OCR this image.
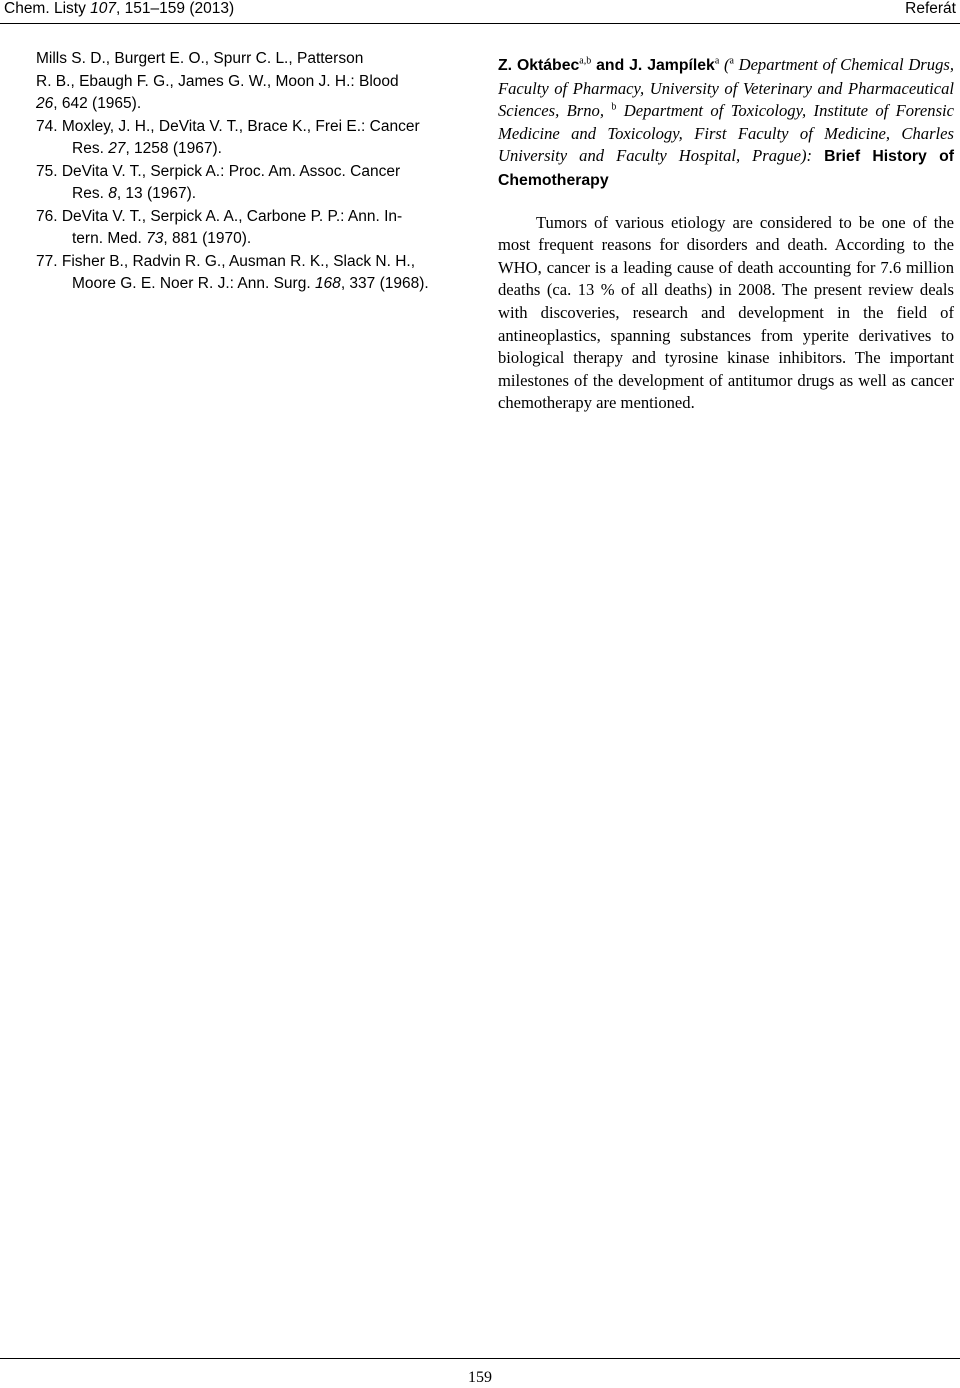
Chem. Listy 107, 151–159 (2013)	Referát
Mills S. D., Burgert E. O., Spurr C. L., Patterson
R. B., Ebaugh F. G., James G. W., Moon J. H.: Blood
26, 642 (1965).
74. Moxley, J. H., DeVita V. T., Brace K., Frei E.: Cancer
Res. 27, 1258 (1967).
75. DeVita V. T., Serpick A.: Proc. Am. Assoc. Cancer
Res. 8, 13 (1967).
76. DeVita V. T., Serpick A. A., Carbone P. P.: Ann. In-
tern. Med. 73, 881 (1970).
77. Fisher B., Radvin R. G., Ausman R. K., Slack N. H.,
Moore G. E. Noer R. J.: Ann. Surg. 168, 337 (1968).
Z. Oktábec$^{a,b}$ and J. Jampílek$^a$ ($^a$ Department of Chemical Drugs, Faculty of Pharmacy, University of Veterinary and Pharmaceutical Sciences, Brno, $^b$ Department of Toxicology, Institute of Forensic Medicine and Toxicology, First Faculty of Medicine, Charles University and Faculty Hospital, Prague): Brief History of Chemotherapy

Tumors of various etiology are considered to be one of the most frequent reasons for disorders and death. According to the WHO, cancer is a leading cause of death accounting for 7.6 million deaths (ca. 13 % of all deaths) in 2008. The present review deals with discoveries, research and development in the field of antineoplastics, spanning substances from yperite derivatives to biological therapy and tyrosine kinase inhibitors. The important milestones of the development of antitumor drugs as well as cancer chemotherapy are mentioned.

159
